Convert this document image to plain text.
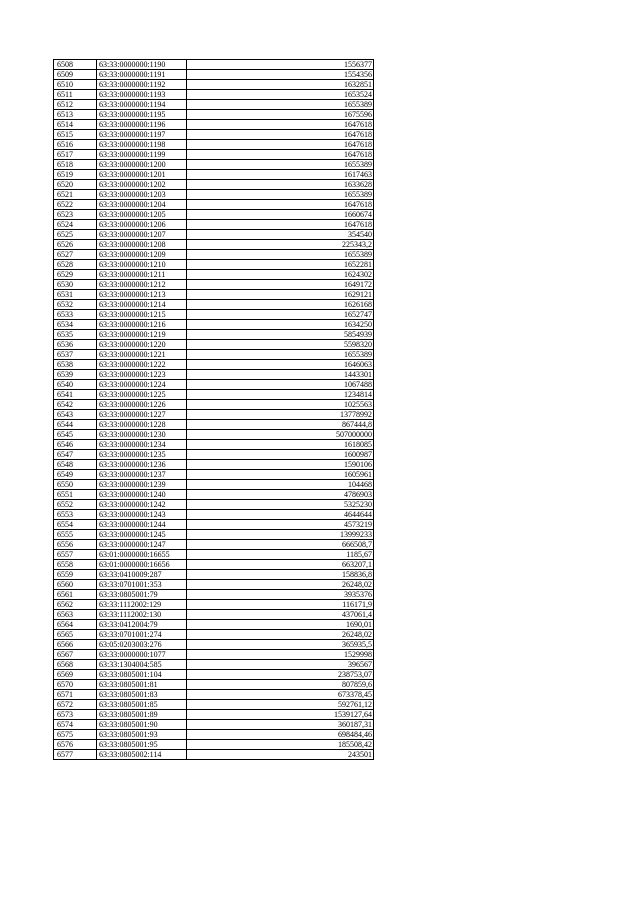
6508	63:33:0000000:1190	1556377
6509	63:33:0000000:1191	1554356
6510	63:33:0000000:1192	1632851
6511	63:33:0000000:1193	1653524
6512	63:33:0000000:1194	1655389
6513	63:33:0000000:1195	1675596
6514	63:33:0000000:1196	1647618
6515	63:33:0000000:1197	1647618
6516	63:33:0000000:1198	1647618
6517	63:33:0000000:1199	1647618
6518	63:33:0000000:1200	1655389
6519	63:33:0000000:1201	1617463
6520	63:33:0000000:1202	1633628
6521	63:33:0000000:1203	1655389
6522	63:33:0000000:1204	1647618
6523	63:33:0000000:1205	1660674
6524	63:33:0000000:1206	1647618
6525	63:33:0000000:1207	354540
6526	63:33:0000000:1208	225343,2
6527	63:33:0000000:1209	1655389
6528	63:33:0000000:1210	1652281
6529	63:33:0000000:1211	1624302
6530	63:33:0000000:1212	1649172
6531	63:33:0000000:1213	1629121
6532	63:33:0000000:1214	1626168
6533	63:33:0000000:1215	1652747
6534	63:33:0000000:1216	1634250
6535	63:33:0000000:1219	5854939
6536	63:33:0000000:1220	5598320
6537	63:33:0000000:1221	1655389
6538	63:33:0000000:1222	1646063
6539	63:33:0000000:1223	1443301
6540	63:33:0000000:1224	1067488
6541	63:33:0000000:1225	1234814
6542	63:33:0000000:1226	1025563
6543	63:33:0000000:1227	13778992
6544	63:33:0000000:1228	867444,8
6545	63:33:0000000:1230	507000000
6546	63:33:0000000:1234	1618085
6547	63:33:0000000:1235	1600987
6548	63:33:0000000:1236	1590106
6549	63:33:0000000:1237	1605961
6550	63:33:0000000:1239	104468
6551	63:33:0000000:1240	4786903
6552	63:33:0000000:1242	5325230
6553	63:33:0000000:1243	4644644
6554	63:33:0000000:1244	4573219
6555	63:33:0000000:1245	13999233
6556	63:33:0000000:1247	666508,7
6557	63:01:0000000:16655	1185,67
6558	63:01:0000000:16656	663207,1
6559	63:33:0410009:287	158836,8
6560	63:33:0701001:353	26248,02
6561	63:33:0805001:79	3935376
6562	63:33:1112002:129	116171,9
6563	63:33:1112002:130	437061,4
6564	63:33:0412004:79	1690,01
6565	63:33:0701001:274	26248,02
6566	63:05:0203003:276	365935,5
6567	63:33:0000000:1077	1529998
6568	63:33:1304004:585	396567
6569	63:33:0805001:104	238753,07
6570	63:33:0805001:81	807859,6
6571	63:33:0805001:83	673378,45
6572	63:33:0805001:85	592761,12
6573	63:33:0805001:89	1539127,64
6574	63:33:0805001:90	360187,31
6575	63:33:0805001:93	698484,46
6576	63:33:0805001:95	185508,42
6577	63:33:0805002:114	243501
